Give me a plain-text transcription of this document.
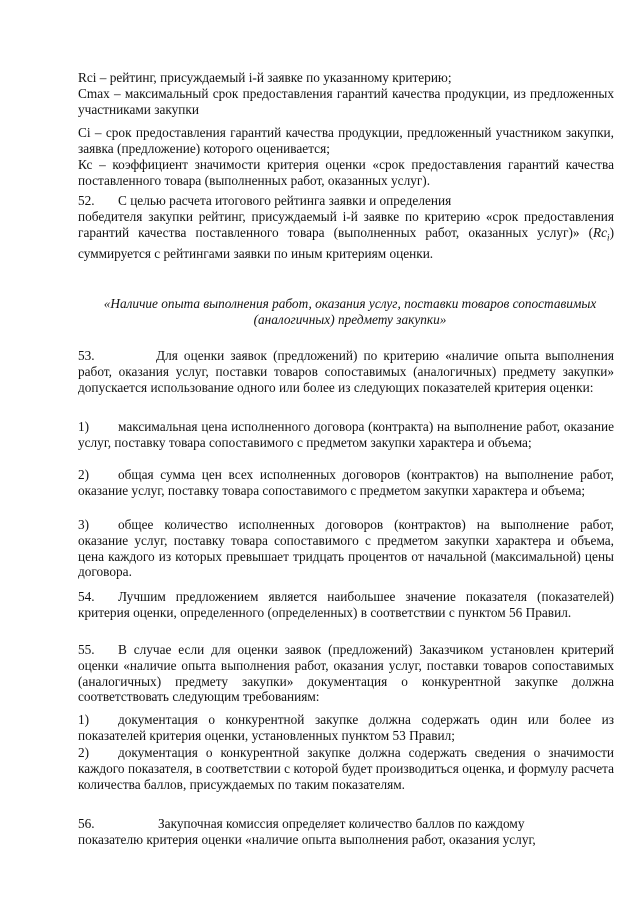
Rci – рейтинг, присуждаемый i-й заявке по указанному критерию;

Cmax – максимальный срок предоставления гарантий качества продукции, из предложенных участниками закупки

Ci – срок предоставления гарантий качества продукции, предложенный участником закупки, заявка (предложение) которого оценивается;

Кс – коэффициент значимости критерия оценки «срок предоставления гарантий качества поставленного товара (выполненных работ, оказанных услуг).

52. С целью расчета итогового рейтинга заявки и определения

победителя закупки рейтинг, присуждаемый i-й заявке по критерию «срок предоставления гарантий качества поставленного товара (выполненных работ, оказанных услуг)» $(Rc_i)$ суммируется с рейтингами заявки по иным критериям оценки.

«Наличие опыта выполнения работ, оказания услуг, поставки товаров сопоставимых (аналогичных) предмету закупки»

53.	Для оценки заявок (предложений) по критерию «наличие опыта выполнения работ, оказания услуг, поставки товаров сопоставимых (аналогичных) предмету закупки» допускается использование одного или более из следующих показателей критерия оценки:

1) максимальная цена исполненного договора (контракта) на выполнение работ, оказание услуг, поставку товара сопоставимого с предметом закупки характера и объема;

2) общая сумма цен всех исполненных договоров (контрактов) на выполнение работ, оказание услуг, поставку товара сопоставимого с предметом закупки характера и объема;

3) общее количество исполненных договоров (контрактов) на выполнение работ, оказание услуг, поставку товара сопоставимого с предметом закупки характера и объема, цена каждого из которых превышает тридцать процентов от начальной (максимальной) цены договора.

54. Лучшим предложением является наибольшее значение показателя (показателей) критерия оценки, определенного (определенных) в соответствии с пунктом 56 Правил.

55. В случае если для оценки заявок (предложений) Заказчиком установлен критерий оценки «наличие опыта выполнения работ, оказания услуг, поставки товаров сопоставимых (аналогичных) предмету закупки» документация о конкурентной закупке должна соответствовать следующим требованиям:

1) документация о конкурентной закупке должна содержать один или более из показателей критерия оценки, установленных пунктом 53 Правил;

2) документация о конкурентной закупке должна содержать сведения о значимости каждого показателя, в соответствии с которой будет производиться оценка, и формулу расчета количества баллов, присуждаемых по таким показателям.

56.	Закупочная комиссия определяет количество баллов по каждому

показателю критерия оценки «наличие опыта выполнения работ, оказания услуг,
